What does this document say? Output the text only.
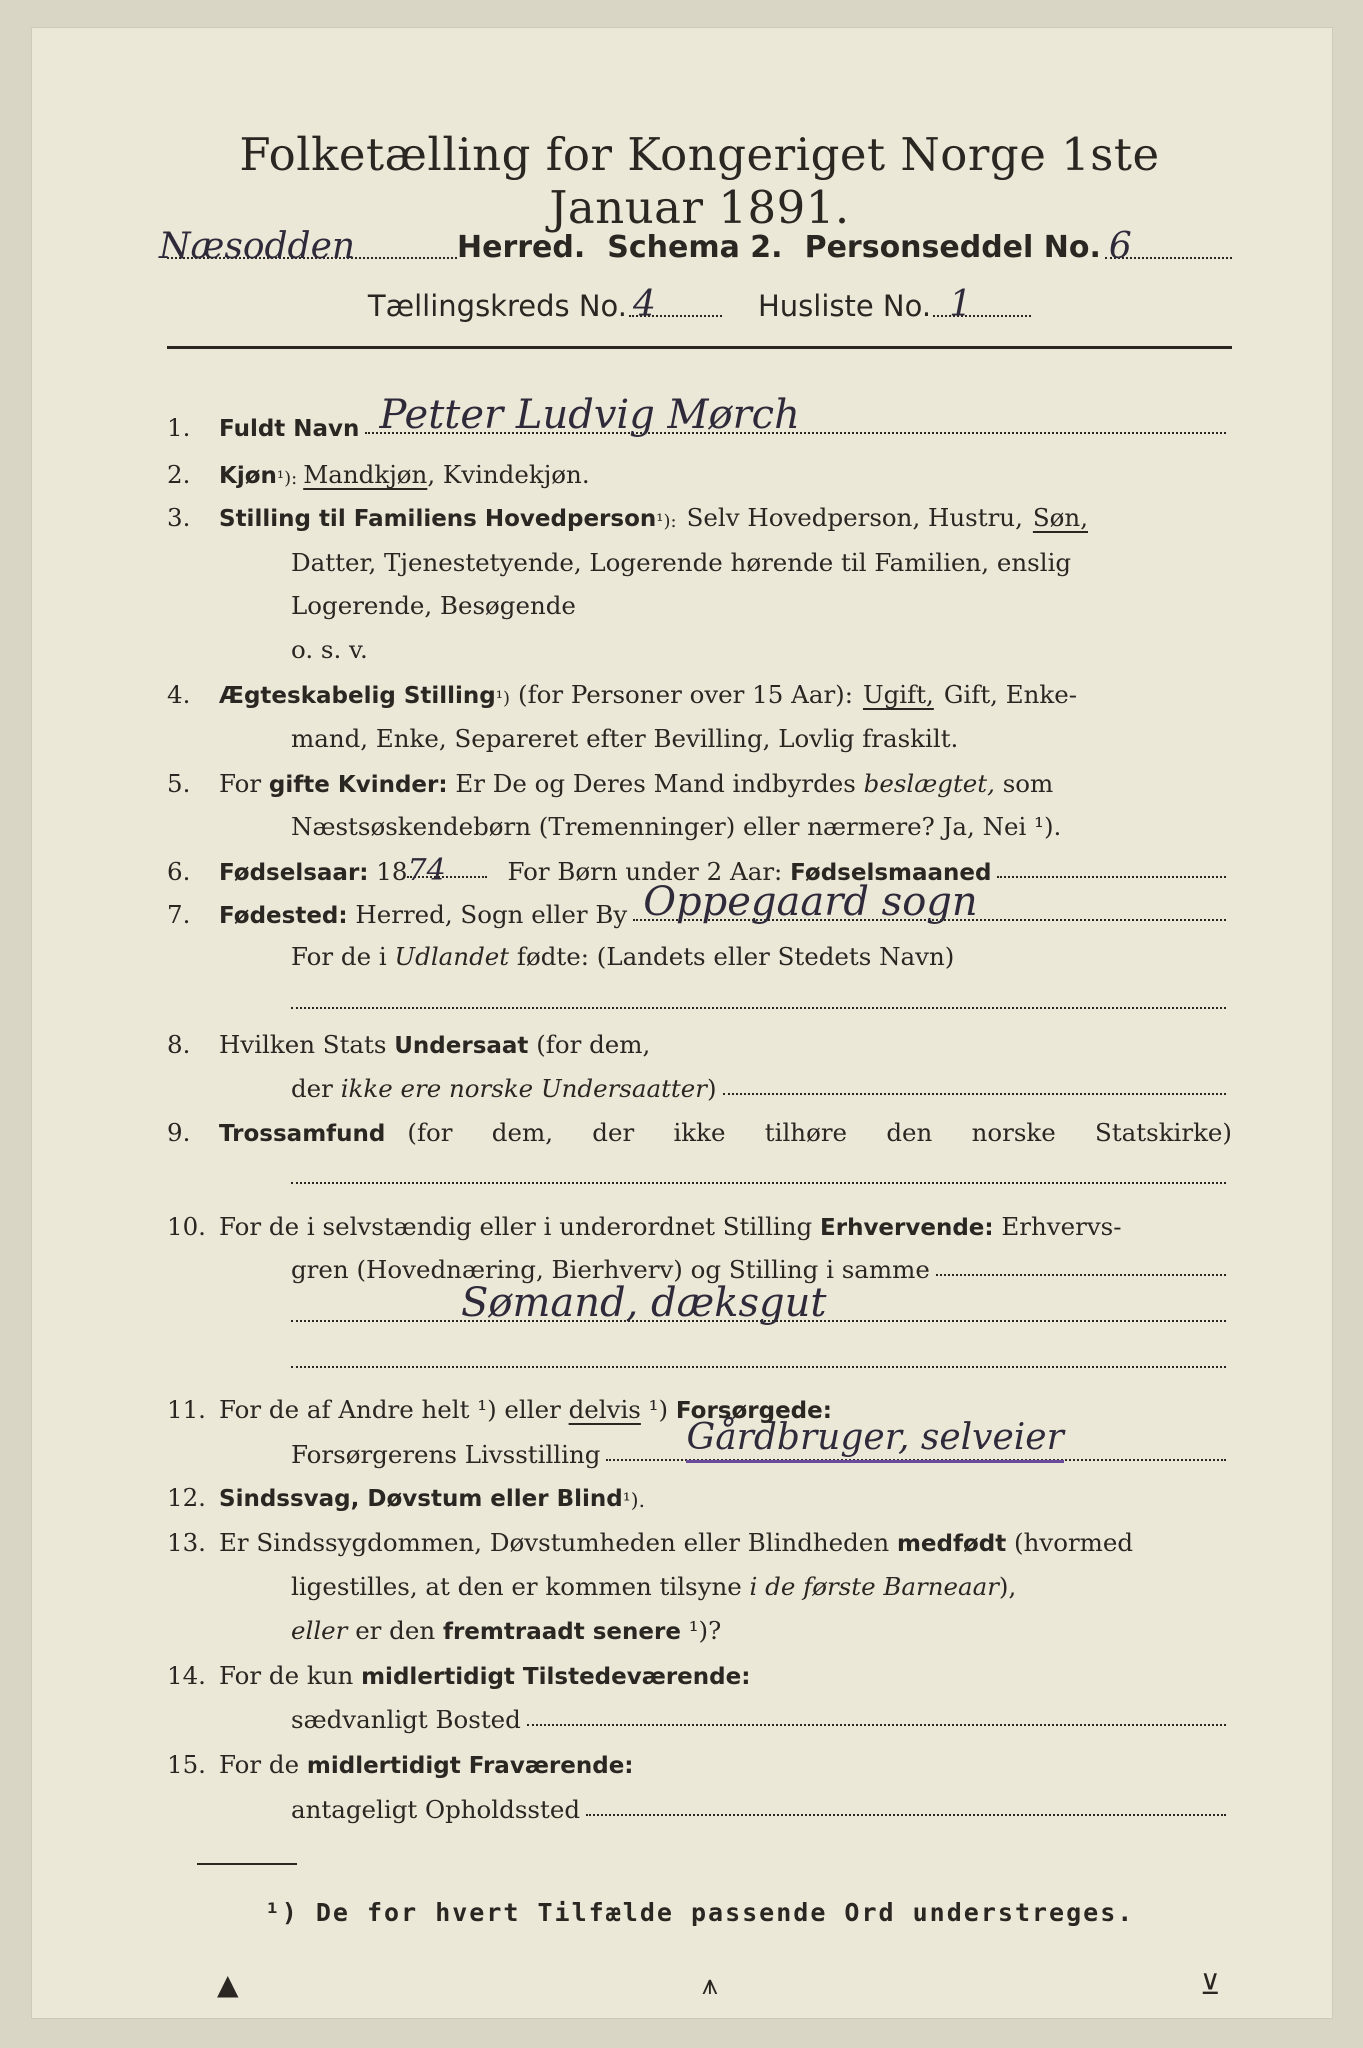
Folketælling for Kongeriget Norge 1ste Januar 1891.
Næsodden	Herred. Schema 2. Personseddel No. 6
Tællingskreds No. 4	Husliste No. 1
1.	Fuldt Navn Petter Ludvig Mørch
2.	Kjøn ¹): Mandkjøn , Kvindekjøn.
3.	Stilling til Familiens Hovedperson ¹): Selv Hovedperson, Hustru, Søn,
Datter, Tjenestetyende, Logerende hørende til Familien, enslig
Logerende, Besøgende
o. s. v.
4.	Ægteskabelig Stilling ¹) (for Personer over 15 Aar): Ugift, Gift, Enke-
mand, Enke, Separeret efter Bevilling, Lovlig fraskilt.
5.	For
gifte Kvinder:
Er De og Deres Mand indbyrdes
beslægtet,
som
Næstsøskendebørn (Tremenninger) eller nærmere? Ja, Nei ¹).
6.	Fødselsaar:
18 74	For Børn under 2 Aar:
Fødselsmaaned
7.	Fødested:
Herred, Sogn eller By Oppegaard sogn
For de i
Udlandet
fødte: (Landets eller Stedets Navn)
8.	Hvilken Stats
Undersaat
(for dem,
der
ikke ere norske Undersaatter )
9.	Trossamfund (for dem, der ikke tilhøre den norske Statskirke)
10. For de i selvstændig eller i underordnet Stilling
Erhvervende:
Erhvervs-
gren (Hovednæring, Bierhverv) og Stilling i samme
Sømand, dæksgut
11. For de af Andre helt ¹) eller
delvis
¹)
Forsørgede:
Forsørgerens Livsstilling Gårdbruger, selveier
12. Sindssvag, Døvstum eller Blind ¹).
13. Er Sindssygdommen, Døvstumheden eller Blindheden
medfødt
(hvormed
ligestilles, at den er kommen tilsyne
i de første Barneaar ),
eller
er den
fremtraadt senere
¹)?
14. For de kun
midlertidigt Tilstedeværende:
sædvanligt Bosted
15. For de
midlertidigt Fraværende:
antageligt Opholdssted
¹) De for hvert Tilfælde passende Ord understreges.
▲	⩚	⊻
